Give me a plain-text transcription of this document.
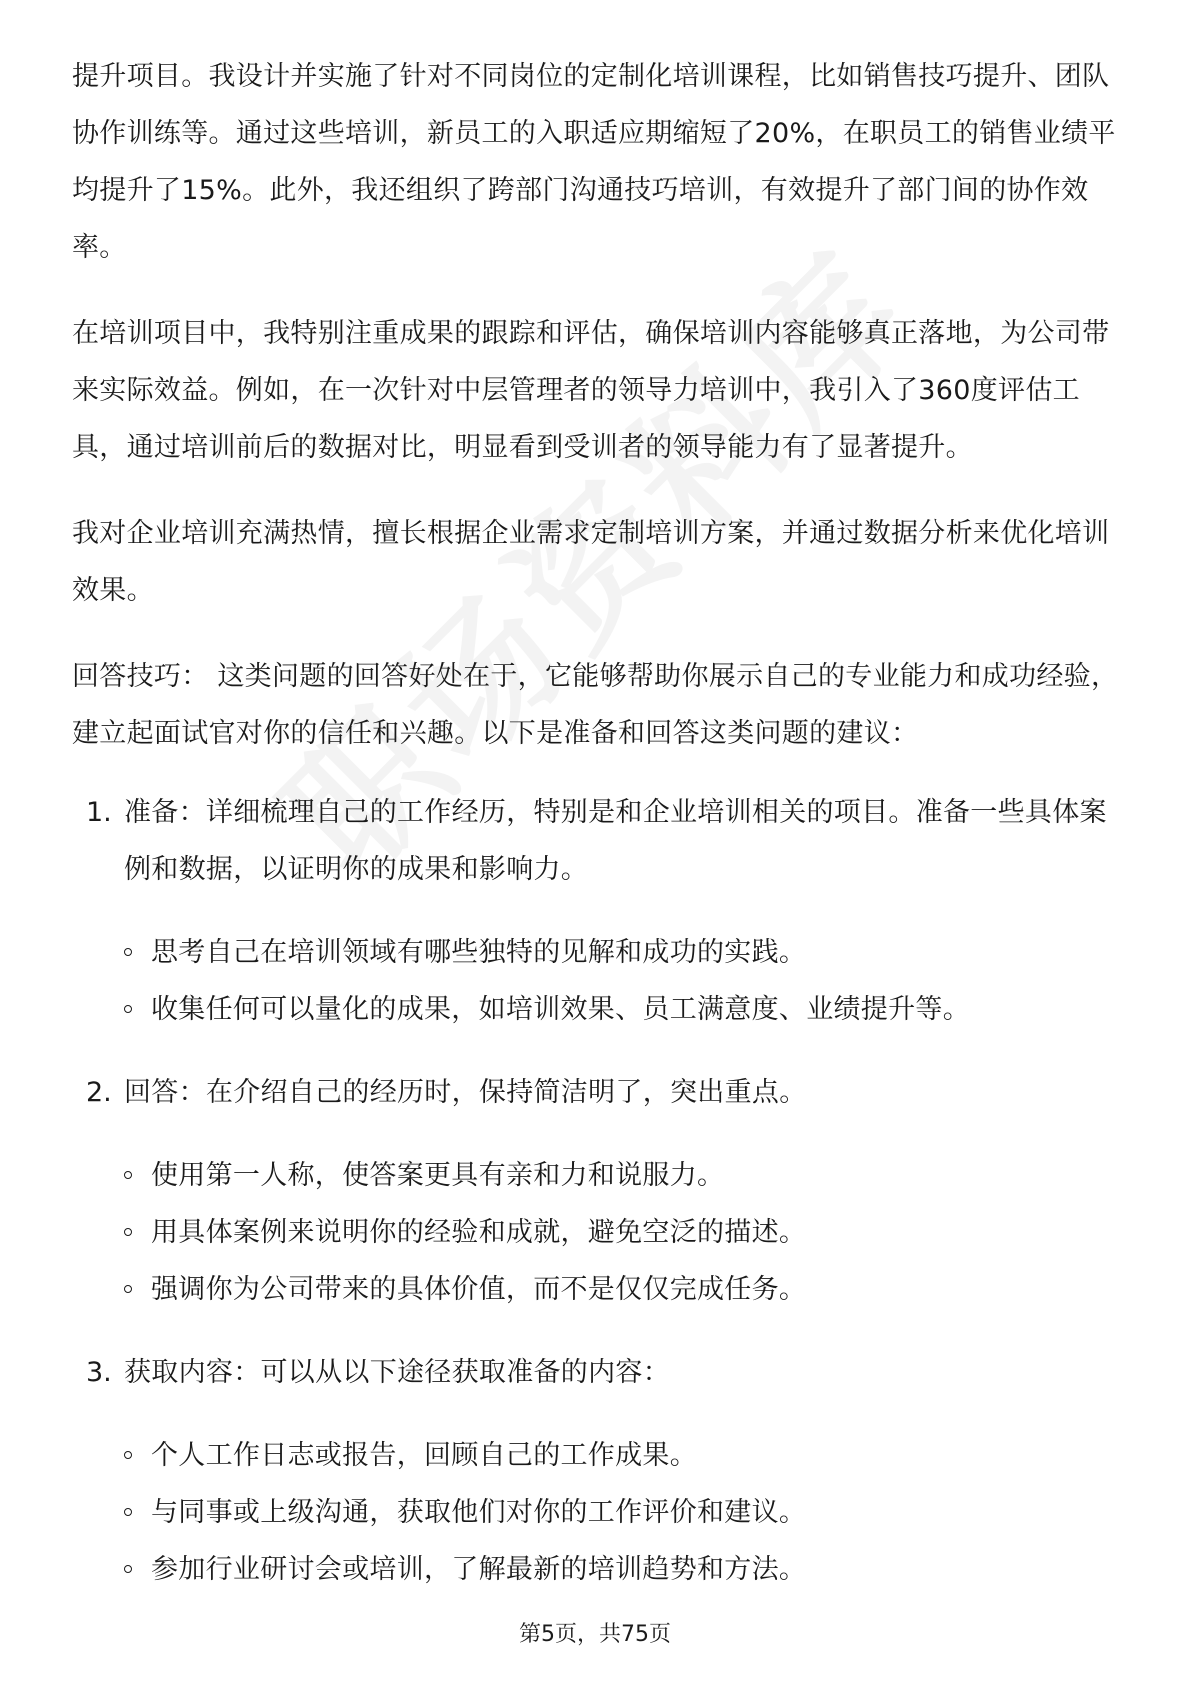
提升项目。我设计并实施了针对不同岗位的定制化培训课程，比如销售技巧提升、团队协作训练等。通过这些培训，新员工的入职适应期缩短了20%，在职员工的销售业绩平均提升了15%。此外，我还组织了跨部门沟通技巧培训，有效提升了部门间的协作效率。

在培训项目中，我特别注重成果的跟踪和评估，确保培训内容能够真正落地，为公司带来实际效益。例如，在一次针对中层管理者的领导力培训中，我引入了360度评估工具，通过培训前后的数据对比，明显看到受训者的领导能力有了显著提升。

我对企业培训充满热情，擅长根据企业需求定制培训方案，并通过数据分析来优化培训效果。

回答技巧： 这类问题的回答好处在于，它能够帮助你展示自己的专业能力和成功经验，建立起面试官对你的信任和兴趣。以下是准备和回答这类问题的建议：

1. 准备：详细梳理自己的工作经历，特别是和企业培训相关的项目。准备一些具体案例和数据，以证明你的成果和影响力。
思考自己在培训领域有哪些独特的见解和成功的实践。
收集任何可以量化的成果，如培训效果、员工满意度、业绩提升等。
2. 回答：在介绍自己的经历时，保持简洁明了，突出重点。
使用第一人称，使答案更具有亲和力和说服力。
用具体案例来说明你的经验和成就，避免空泛的描述。
强调你为公司带来的具体价值，而不是仅仅完成任务。
3. 获取内容：可以从以下途径获取准备的内容：
个人工作日志或报告，回顾自己的工作成果。
与同事或上级沟通，获取他们对你的工作评价和建议。
参加行业研讨会或培训，了解最新的培训趋势和方法。
第5页，共75页
